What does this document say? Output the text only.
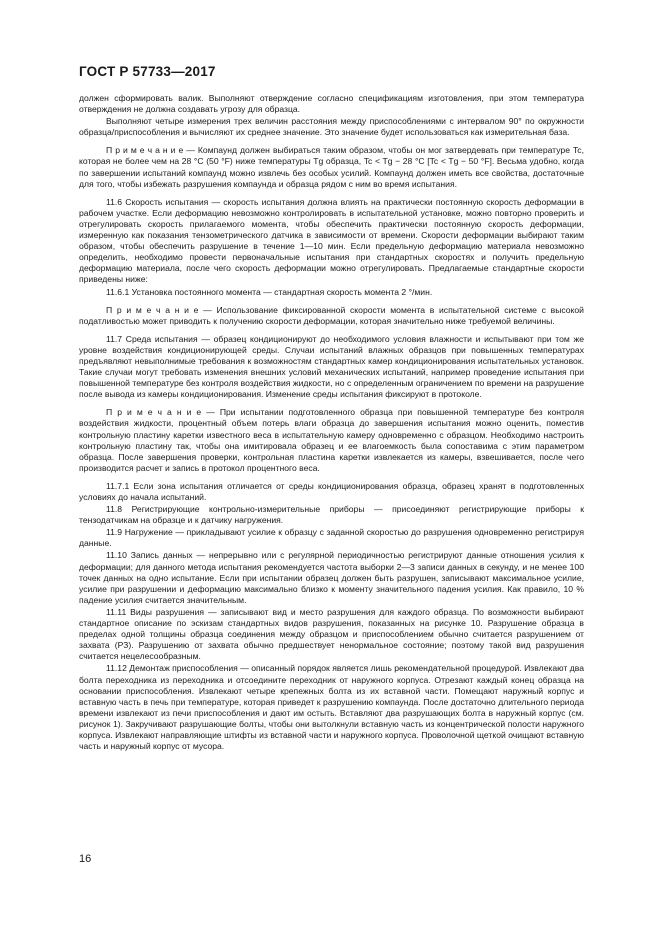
ГОСТ Р 57733—2017

должен сформировать валик. Выполняют отверждение согласно спецификациям изготовления, при этом температура отверждения не должна создавать угрозу для образца.

Выполняют четыре измерения трех величин расстояния между приспособлениями с интервалом 90° по окружности образца/приспособления и вычисляют их среднее значение. Это значение будет использоваться как измерительная база.

П р и м е ч а н и е — Компаунд должен выбираться таким образом, чтобы он мог затвердевать при температуре Tc, которая не более чем на 28 °C (50 °F) ниже температуры Tg образца, Tc < Tg − 28 °C [Tc < Tg − 50 °F]. Весьма удобно, когда по завершении испытаний компаунд можно извлечь без особых усилий. Компаунд должен иметь все свойства, достаточные для того, чтобы избежать разрушения компаунда и образца рядом с ним во время испытания.

11.6 Скорость испытания — скорость испытания должна влиять на практически постоянную скорость деформации в рабочем участке. Если деформацию невозможно контролировать в испытательной установке, можно повторно проверить и отрегулировать скорость прилагаемого момента, чтобы обеспечить практически постоянную скорость деформации, измеренную как показания тензометрического датчика в зависимости от времени. Скорости деформации выбирают таким образом, чтобы обеспечить разрушение в течение 1—10 мин. Если предельную деформацию материала невозможно определить, необходимо провести первоначальные испытания при стандартных скоростях и получить предельную деформацию материала, после чего скорость деформации можно отрегулировать. Предлагаемые стандартные скорости приведены ниже:

11.6.1 Установка постоянного момента — стандартная скорость момента 2 °/мин.

П р и м е ч а н и е — Использование фиксированной скорости момента в испытательной системе с высокой податливостью может приводить к получению скорости деформации, которая значительно ниже требуемой величины.

11.7 Среда испытания — образец кондиционируют до необходимого условия влажности и испытывают при том же уровне воздействия кондиционирующей среды. Случаи испытаний влажных образцов при повышенных температурах предъявляют невыполнимые требования к возможностям стандартных камер кондиционирования испытательных установок. Такие случаи могут требовать изменения внешних условий механических испытаний, например проведение испытания при повышенной температуре без контроля воздействия жидкости, но с определенным ограничением по времени на разрушение после вывода из камеры кондиционирования. Изменение среды испытания фиксируют в протоколе.

П р и м е ч а н и е — При испытании подготовленного образца при повышенной температуре без контроля воздействия жидкости, процентный объем потерь влаги образца до завершения испытания можно оценить, поместив контрольную пластину каретки известного веса в испытательную камеру одновременно с образцом. Необходимо настроить контрольную пластину так, чтобы она имитировала образец и ее влагоемкость была сопоставима с этим параметром образца. После завершения проверки, контрольная пластина каретки извлекается из камеры, взвешивается, после чего производится расчет и запись в протокол процентного веса.

11.7.1 Если зона испытания отличается от среды кондиционирования образца, образец хранят в подготовленных условиях до начала испытаний.

11.8 Регистрирующие контрольно-измерительные приборы — присоединяют регистрирующие приборы к тензодатчикам на образце и к датчику нагружения.

11.9 Нагружение — прикладывают усилие к образцу с заданной скоростью до разрушения одновременно регистрируя данные.

11.10 Запись данных — непрерывно или с регулярной периодичностью регистрируют данные отношения усилия к деформации; для данного метода испытания рекомендуется частота выборки 2—3 записи данных в секунду, и не менее 100 точек данных на одно испытание. Если при испытании образец должен быть разрушен, записывают максимальное усилие, усилие при разрушении и деформацию максимально близко к моменту значительного падения усилия. Как правило, 10 % падение усилия считается значительным.

11.11 Виды разрушения — записывают вид и место разрушения для каждого образца. По возможности выбирают стандартное описание по эскизам стандартных видов разрушения, показанных на рисунке 10. Разрушение образца в пределах одной толщины образца соединения между образцом и приспособлением обычно считается разрушением от захвата (РЗ). Разрушению от захвата обычно предшествует ненормальное состояние; поэтому такой вид разрушения считается нецелесообразным.

11.12 Демонтаж приспособления — описанный порядок является лишь рекомендательной процедурой. Извлекают два болта переходника из переходника и отсоедините переходник от наружного корпуса. Отрезают каждый конец образца на основании приспособления. Извлекают четыре крепежных болта из их вставной части. Помещают наружный корпус и вставную часть в печь при температуре, которая приведет к разрушению компаунда. После достаточно длительного периода времени извлекают из печи приспособления и дают им остыть. Вставляют два разрушающих болта в наружный корпус (см. рисунок 1). Закручивают разрушающие болты, чтобы они вытолкнули вставную часть из концентрической полости наружного корпуса. Извлекают направляющие штифты из вставной части и наружного корпуса. Проволочной щеткой очищают вставную часть и наружный корпус от мусора.

16
